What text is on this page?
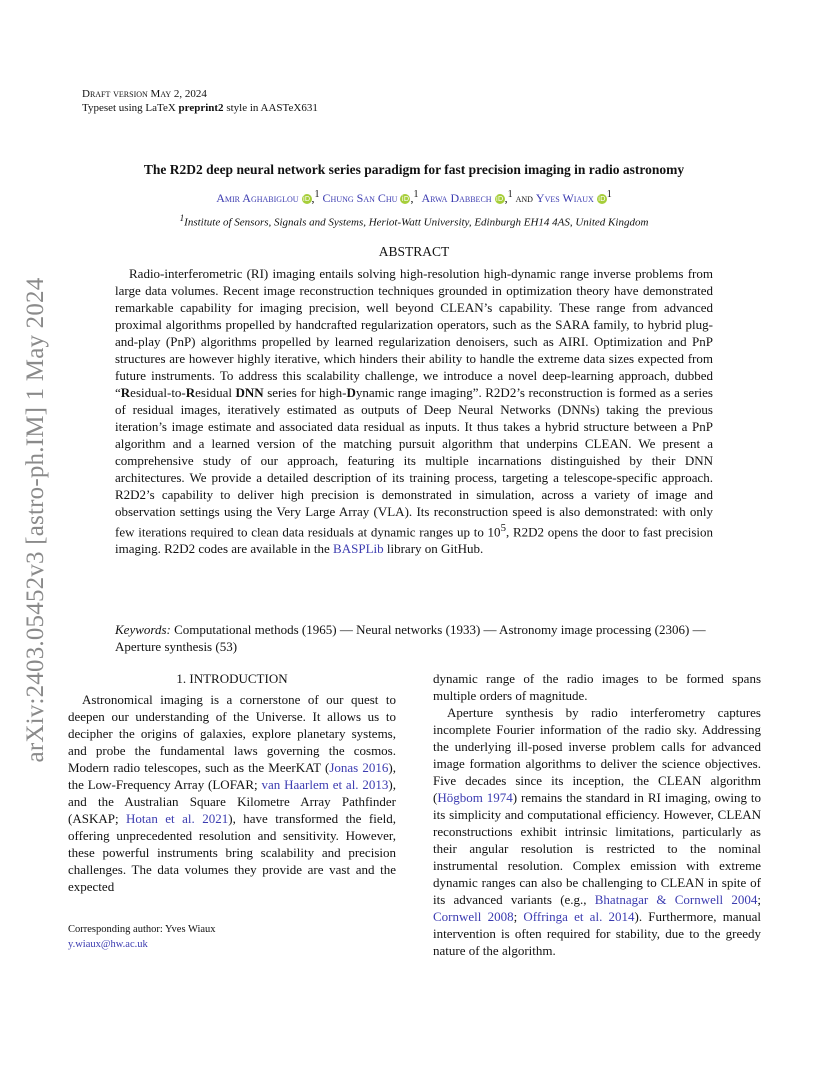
Draft version May 2, 2024
Typeset using LaTeX preprint2 style in AASTeX631
arXiv:2403.05452v3 [astro-ph.IM] 1 May 2024
The R2D2 deep neural network series paradigm for fast precision imaging in radio astronomy
Amir Aghabiglou iD,$^1$ Chung San Chu iD,$^1$ Arwa Dabbech iD,$^1$ and Yves Wiaux $iD^1$
$^1$Institute of Sensors, Signals and Systems, Heriot-Watt University, Edinburgh EH14 4AS, United Kingdom
ABSTRACT
Radio-interferometric (RI) imaging entails solving high-resolution high-dynamic range inverse problems from large data volumes. Recent image reconstruction techniques grounded in optimization theory have demonstrated remarkable capability for imaging precision, well beyond CLEAN’s capability. These range from advanced proximal algorithms propelled by handcrafted regularization operators, such as the SARA family, to hybrid plug-and-play (PnP) algorithms propelled by learned regularization denoisers, such as AIRI. Optimization and PnP structures are however highly iterative, which hinders their ability to handle the extreme data sizes expected from future instruments. To address this scalability challenge, we introduce a novel deep-learning approach, dubbed “Residual-to-Residual DNN series for high-Dynamic range imaging”. R2D2’s reconstruction is formed as a series of residual images, iteratively estimated as outputs of Deep Neural Networks (DNNs) taking the previous iteration’s image estimate and associated data residual as inputs. It thus takes a hybrid structure between a PnP algorithm and a learned version of the matching pursuit algorithm that underpins CLEAN. We present a comprehensive study of our approach, featuring its multiple incarnations distinguished by their DNN architectures. We provide a detailed description of its training process, targeting a telescope-specific approach. R2D2’s capability to deliver high precision is demonstrated in simulation, across a variety of image and observation settings using the Very Large Array (VLA). Its reconstruction speed is also demonstrated: with only few iterations required to clean data residuals at dynamic ranges up to $10^5$, R2D2 opens the door to fast precision imaging. R2D2 codes are available in the BASPLib library on GitHub.
Keywords: Computational methods (1965) — Neural networks (1933) — Astronomy image processing (2306) — Aperture synthesis (53)
1. INTRODUCTION

Astronomical imaging is a cornerstone of our quest to deepen our understanding of the Universe. It allows us to decipher the origins of galaxies, explore planetary systems, and probe the fundamental laws governing the cosmos. Modern radio telescopes, such as the MeerKAT (Jonas 2016), the Low-Frequency Array (LOFAR; van Haarlem et al. 2013), and the Australian Square Kilometre Array Pathfinder (ASKAP; Hotan et al. 2021), have transformed the field, offering unprecedented resolution and sensitivity. However, these powerful instruments bring scalability and precision challenges. The data volumes they provide are vast and the expected

Corresponding author: Yves Wiaux
y.wiaux@hw.ac.uk

dynamic range of the radio images to be formed spans multiple orders of magnitude.

Aperture synthesis by radio interferometry captures incomplete Fourier information of the radio sky. Addressing the underlying ill-posed inverse problem calls for advanced image formation algorithms to deliver the science objectives. Five decades since its inception, the CLEAN algorithm (Högbom 1974) remains the standard in RI imaging, owing to its simplicity and computational efficiency. However, CLEAN reconstructions exhibit intrinsic limitations, particularly as their angular resolution is restricted to the nominal instrumental resolution. Complex emission with extreme dynamic ranges can also be challenging to CLEAN in spite of its advanced variants (e.g., Bhatnagar & Cornwell 2004; Cornwell 2008; Offringa et al. 2014). Furthermore, manual intervention is often required for stability, due to the greedy nature of the algorithm.
